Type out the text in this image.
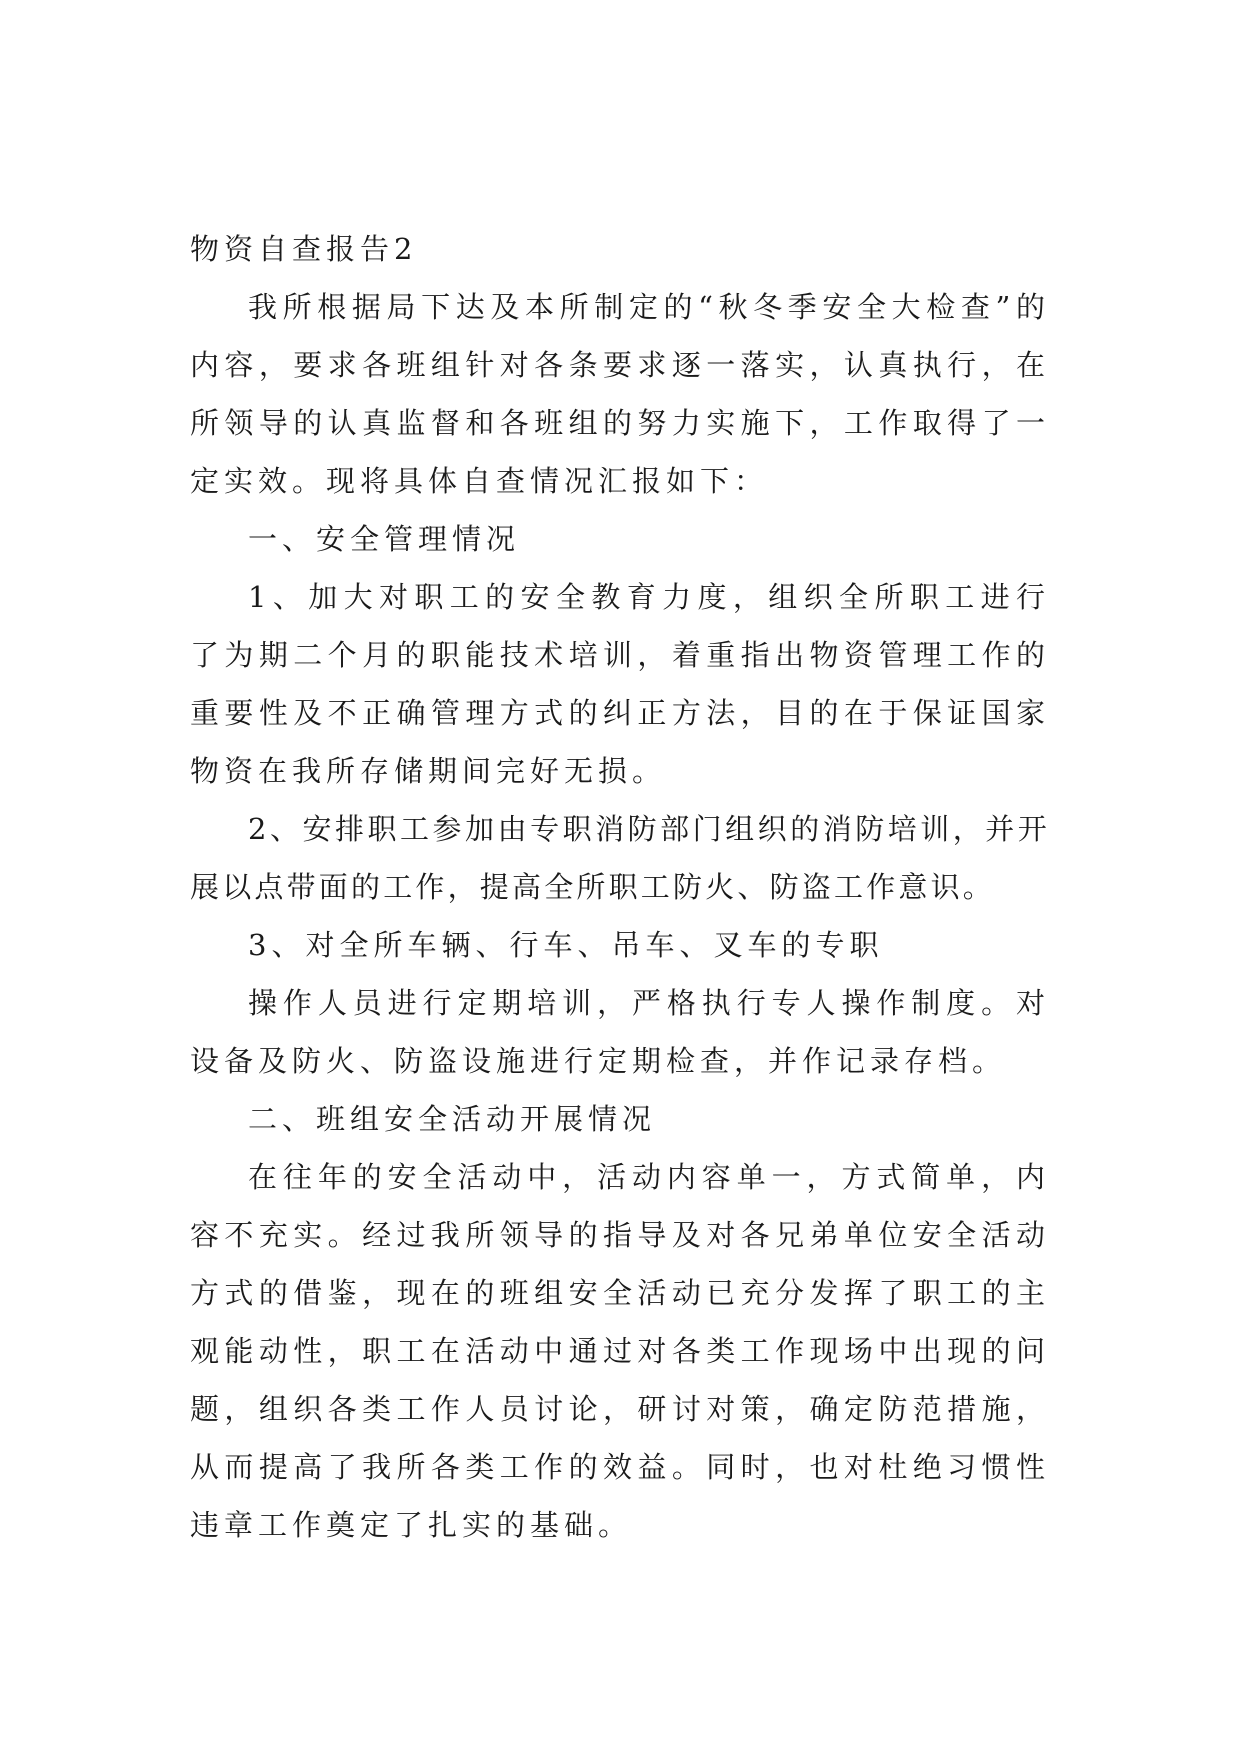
物资自查报告2

我所根据局下达及本所制定的“秋冬季安全大检查”的内容，要求各班组针对各条要求逐一落实，认真执行，在所领导的认真监督和各班组的努力实施下，工作取得了一定实效。现将具体自查情况汇报如下：

一、安全管理情况

1、加大对职工的安全教育力度，组织全所职工进行了为期二个月的职能技术培训，着重指出物资管理工作的重要性及不正确管理方式的纠正方法，目的在于保证国家物资在我所存储期间完好无损。

2、安排职工参加由专职消防部门组织的消防培训，并开展以点带面的工作，提高全所职工防火、防盗工作意识。

3、对全所车辆、行车、吊车、叉车的专职

操作人员进行定期培训，严格执行专人操作制度。对设备及防火、防盗设施进行定期检查，并作记录存档。

二、班组安全活动开展情况

在往年的安全活动中，活动内容单一，方式简单，内容不充实。经过我所领导的指导及对各兄弟单位安全活动方式的借鉴，现在的班组安全活动已充分发挥了职工的主观能动性，职工在活动中通过对各类工作现场中出现的问题，组织各类工作人员讨论，研讨对策，确定防范措施，从而提高了我所各类工作的效益。同时，也对杜绝习惯性违章工作奠定了扎实的基础。
